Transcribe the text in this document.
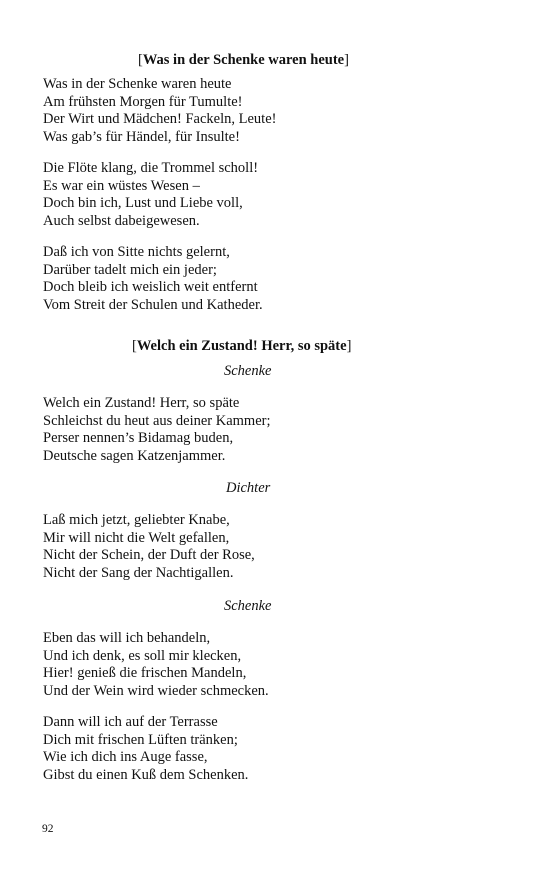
[Was in der Schenke waren heute]
Was in der Schenke waren heute
Am frühsten Morgen für Tumulte!
Der Wirt und Mädchen! Fackeln, Leute!
Was gab’s für Händel, für Insulte!
Die Flöte klang, die Trommel scholl!
Es war ein wüstes Wesen –
Doch bin ich, Lust und Liebe voll,
Auch selbst dabeigewesen.
Daß ich von Sitte nichts gelernt,
Darüber tadelt mich ein jeder;
Doch bleib ich weislich weit entfernt
Vom Streit der Schulen und Katheder.
[Welch ein Zustand! Herr, so späte]
Schenke
Welch ein Zustand! Herr, so späte
Schleichst du heut aus deiner Kammer;
Perser nennen’s Bidamag buden,
Deutsche sagen Katzenjammer.
Dichter
Laß mich jetzt, geliebter Knabe,
Mir will nicht die Welt gefallen,
Nicht der Schein, der Duft der Rose,
Nicht der Sang der Nachtigallen.
Schenke
Eben das will ich behandeln,
Und ich denk, es soll mir klecken,
Hier! genieß die frischen Mandeln,
Und der Wein wird wieder schmecken.
Dann will ich auf der Terrasse
Dich mit frischen Lüften tränken;
Wie ich dich ins Auge fasse,
Gibst du einen Kuß dem Schenken.
92
